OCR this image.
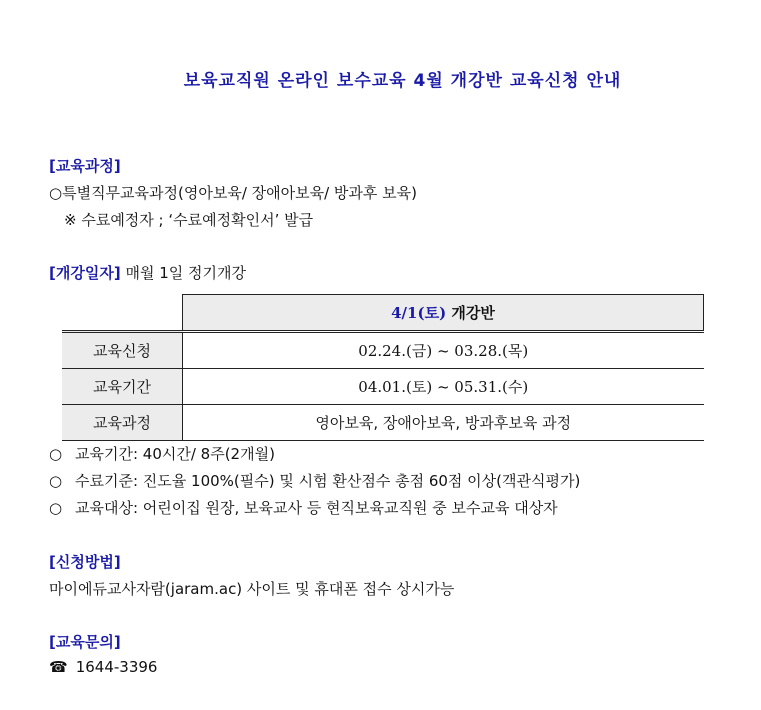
보육교직원 온라인 보수교육 4월 개강반 교육신청 안내
[교육과정]
○특별직무교육과정(영아보육/ 장애아보육/ 방과후 보육)
※ 수료예정자 ; ‘수료예정확인서’ 발급
[개강일자] 매월 1일 정기개강
	4/1(토) 개강반
교육신청	02.24.(금) ~ 03.28.(목)
교육기간	04.01.(토) ~ 05.31.(수)
교육과정	영아보육, 장애아보육, 방과후보육 과정
○ 교육기간: 40시간/ 8주(2개월)
○ 수료기준: 진도율 100%(필수) 및 시험 환산점수 총점 60점 이상(객관식평가)
○ 교육대상: 어린이집 원장, 보육교사 등 현직보육교직원 중 보수교육 대상자
[신청방법]
마이에듀교사자람(jaram.ac) 사이트 및 휴대폰 접수 상시가능
[교육문의]
☎ 1644-3396
